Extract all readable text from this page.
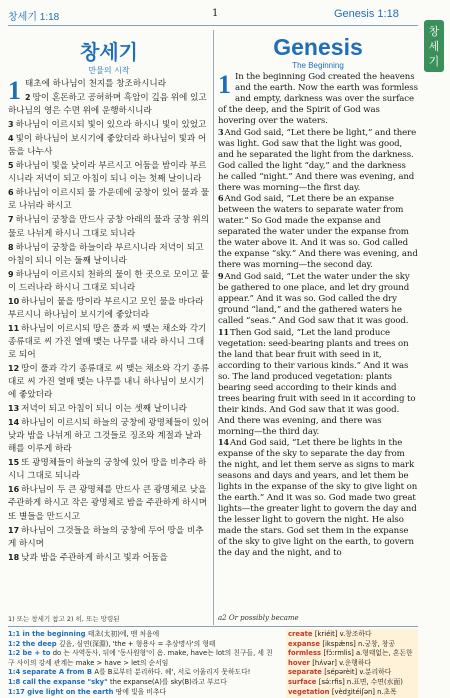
창세기 1:18	1	Genesis 1:18
창세기
창세기
만물의 시작
1 태초에 하나님이 천지를 창조하시니라

2 땅이 혼돈하고 공허하며 흑암이 깊음 위에 있고 하나님의 영은 수면 위에 운행하시니라

3 하나님이 이르시되 빛이 있으라 하시니 빛이 있었고

4 빛이 하나님이 보시기에 좋았더라 하나님이 빛과 어둠을 나누사

5 하나님이 빛을 낮이라 부르시고 어둠을 밤이라 부르시니라 저녁이 되고 아침이 되니 이는 첫째 날이니라

6 하나님이 이르시되 물 가운데에 궁창이 있어 물과 물로 나뉘라 하시고

7 하나님이 궁창을 만드사 궁창 아래의 물과 궁창 위의 물로 나뉘게 하시니 그대로 되니라

8 하나님이 궁창을 하늘이라 부르시니라 저녁이 되고 아침이 되니 이는 둘째 날이니라

9 하나님이 이르시되 천하의 물이 한 곳으로 모이고 뭍이 드러나라 하시니 그대로 되니라

10 하나님이 뭍을 땅이라 부르시고 모인 물을 바다라 부르시니 하나님이 보시기에 좋았더라

11 하나님이 이르시되 땅은 풀과 씨 맺는 채소와 각기 종류대로 씨 가진 열매 맺는 나무를 내라 하시니 그대로 되어

12 땅이 풀과 각기 종류대로 씨 맺는 채소와 각기 종류대로 씨 가진 열매 맺는 나무를 내니 하나님이 보시기에 좋았더라

13 저녁이 되고 아침이 되니 이는 셋째 날이니라

14 하나님이 이르시되 하늘의 궁창에 광명체들이 있어 낮과 밤을 나뉘게 하고 그것들로 징조와 계절과 날과 해를 이루게 하라

15 또 광명체들이 하늘의 궁창에 있어 땅을 비추라 하시니 그대로 되니라

16 하나님이 두 큰 광명체를 만드사 큰 광명체로 낮을 주관하게 하시고 작은 광명체로 밤을 주관하게 하시며 또 별들을 만드시고

17 하나님이 그것들을 하늘의 궁창에 두어 땅을 비추게 하시며

18 낮과 밤을 주관하게 하시고 빛과 어둠을

Genesis
The Beginning
1 In the beginning God created the heavens and the earth. Now the earth was formless and empty, darkness was over the surface of the deep, and the Spirit of God was hovering over the waters.

3And God said, “Let there be light,” and there was light. God saw that the light was good, and he separated the light from the darkness. God called the light “day,” and the darkness he called “night.” And there was evening, and there was morning—the first day.

6And God said, “Let there be an expanse between the waters to separate water from water.” So God made the expanse and separated the water under the expanse from the water above it. And it was so. God called the expanse “sky.” And there was evening, and there was morning—the second day.

9And God said, “Let the water under the sky be gathered to one place, and let dry ground appear.” And it was so. God called the dry ground “land,” and the gathered waters he called “seas.” And God saw that it was good.

11Then God said, “Let the land produce vegetation: seed-bearing plants and trees on the land that bear fruit with seed in it, according to their various kinds.” And it was so. The land produced vegetation: plants bearing seed according to their kinds and trees bearing fruit with seed in it according to their kinds. And God saw that it was good. And there was evening, and there was morning—the third day.

14And God said, “Let there be lights in the expanse of the sky to separate the day from the night, and let them serve as signs to mark seasons and days and years, and let them be lights in the expanse of the sky to give light on the earth.” And it was so. God made two great lights—the greater light to govern the day and the lesser light to govern the night. He also made the stars. God set them in the expanse of the sky to give light on the earth, to govern the day and the night, and to

1) 또는 창세기 참고 2) 히, 또는 망령된	a2 Or possibly became
1:1 in the beginning 태초(太初)에, 맨 처음에
1:2 the deep 깊음, 심연(深淵), 'the + 형용사 = 추상명사'의 형태
1:2 be + to do 는 사역동사, 뒤에 '동사원형'이 옴. make, have는 lot의 친구들, 세 친구 사이의 강세 관계는 make > have > let의 순서임
1:4 separate A from B A를 B로부터 분리하다. 헤', 서로 어울리지 못하도다!
1:8 call the expanse "sky" the expanse(A)를 sky(B)라고 부르다
1:17 give light on the earth 땅에 빛을 비추다
create [kriéit] v.창조하다
expanse [ikspǽns] n.궁창, 창공
formless [fɔ́ːrmlis] a.형태없는, 혼돈한
hover [hʌ́vər] v.운행하다
separate [sépərèit] v.분리하다
surface [sə́ːrfis] n.표면, 수면(水面)
vegetation [vèdʒitéiʃən] n.초목
